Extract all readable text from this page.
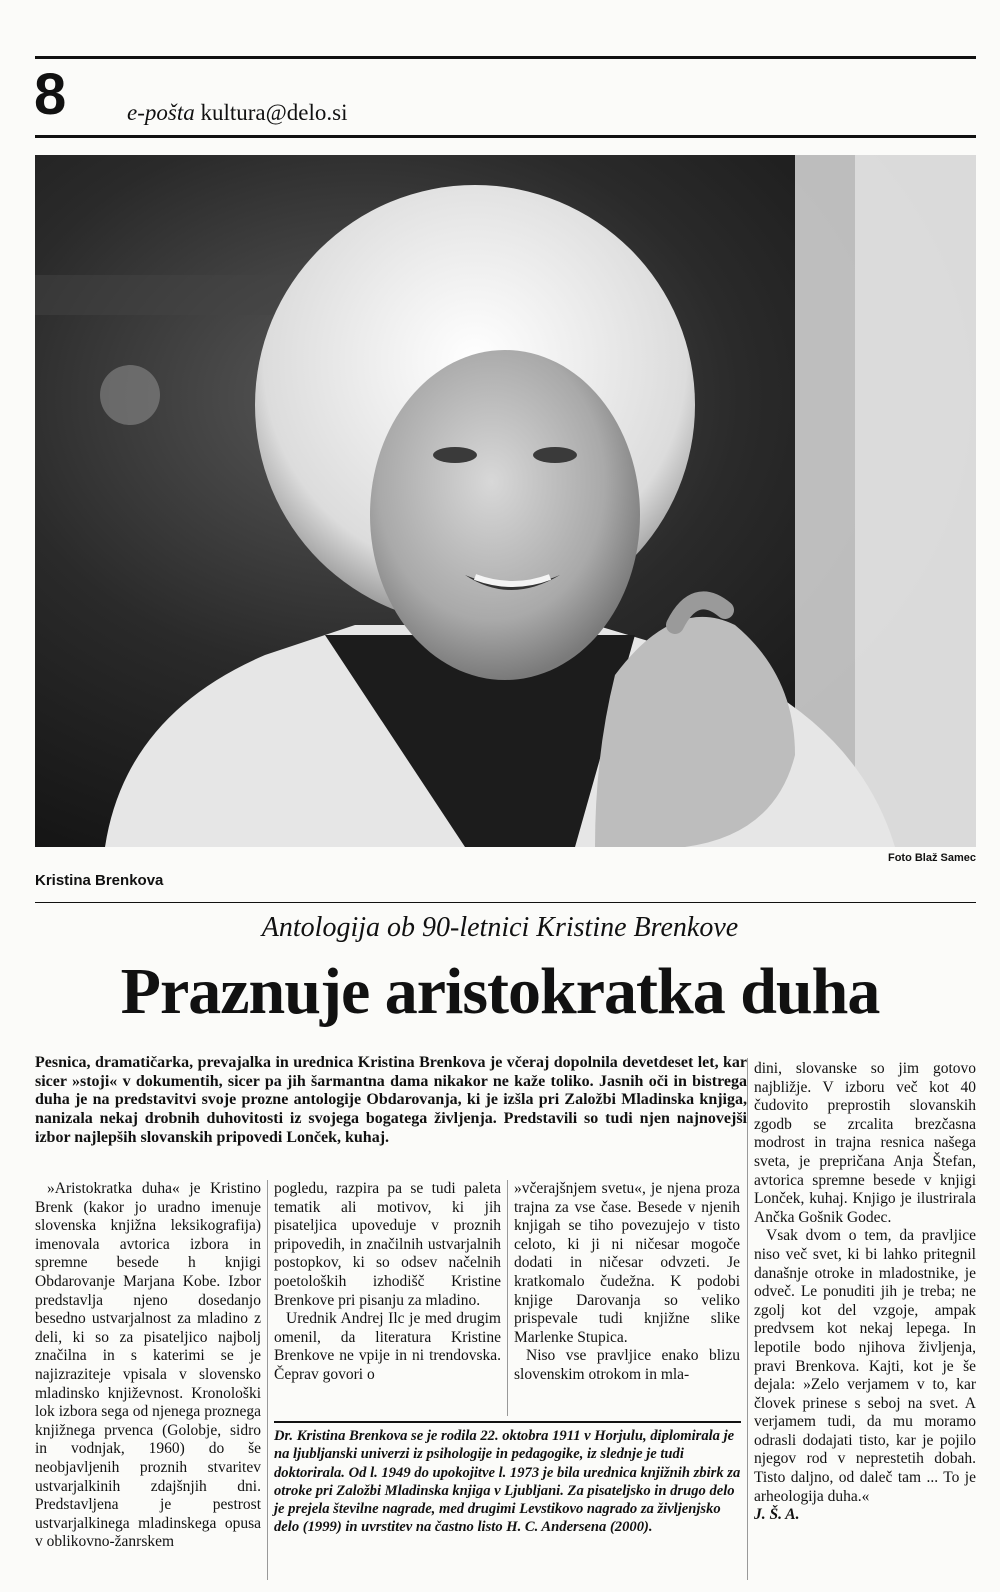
8	e-pošta kultura@delo.si
Foto Blaž Samec
Kristina Brenkova
Antologija ob 90-letnici Kristine Brenkove
Praznuje aristokratka duha
Pesnica, dramatičarka, prevajalka in urednica Kristina Brenkova je včeraj dopolnila devetdeset let, kar sicer »stoji« v dokumentih, sicer pa jih šarmantna dama nikakor ne kaže toliko. Jasnih oči in bistrega duha je na predstavitvi svoje prozne antologije Obdarovanja, ki je izšla pri Založbi Mladinska knjiga, nanizala nekaj drobnih duhovitosti iz svojega bogatega življenja. Predstavili so tudi njen najnovejši izbor najlepših slovanskih pripovedi Lonček, kuhaj.

»Aristokratka duha« je Kristino Brenk (kakor jo uradno imenuje slovenska knjižna leksikografija) imenovala avtorica izbora in spremne besede h knjigi Obdarovanje Marjana Kobe. Izbor predstavlja njeno dosedanjo besedno ustvarjalnost za mladino z deli, ki so za pisateljico najbolj značilna in s katerimi se je najizraziteje vpisala v slovensko mladinsko književnost. Kronološki lok izbora sega od njenega proznega knjižnega prvenca (Golobje, sidro in vodnjak, 1960) do še neobjavljenih proznih stvaritev ustvarjalkinih zdajšnjih dni. Predstavljena je pestrost ustvarjalkinega mladinskega opusa v oblikovno-žanrskem

pogledu, razpira pa se tudi paleta tematik ali motivov, ki jih pisateljica upoveduje v proznih pripovedih, in značilnih ustvarjalnih postopkov, ki so odsev načelnih poetoloških izhodišč Kristine Brenkove pri pisanju za mladino.

Urednik Andrej Ilc je med drugim omenil, da literatura Kristine Brenkove ne vpije in ni trendovska. Čeprav govori o

»včerajšnjem svetu«, je njena proza trajna za vse čase. Besede v njenih knjigah se tiho povezujejo v tisto celoto, ki ji ni ničesar mogoče dodati in ničesar odvzeti. Je kratkomalo čudežna. K podobi knjige Darovanja so veliko prispevale tudi knjižne slike Marlenke Stupica.

Niso vse pravljice enako blizu slovenskim otrokom in mla-

dini, slovanske so jim gotovo najbližje. V izboru več kot 40 čudovito preprostih slovanskih zgodb se zrcalita brezčasna modrost in trajna resnica našega sveta, je prepričana Anja Štefan, avtorica spremne besede v knjigi Lonček, kuhaj. Knjigo je ilustrirala Ančka Gošnik Godec.

Vsak dvom o tem, da pravljice niso več svet, ki bi lahko pritegnil današnje otroke in mladostnike, je odveč. Le ponuditi jih je treba; ne zgolj kot del vzgoje, ampak predvsem kot nekaj lepega. In lepotile bodo njihova življenja, pravi Brenkova. Kajti, kot je še dejala: »Zelo verjamem v to, kar človek prinese s seboj na svet. A verjamem tudi, da mu moramo odrasli dodajati tisto, kar je pojilo njegov rod v neprestetih dobah. Tisto daljno, od daleč tam ... To je arheologija duha.«

J. Š. A.

Dr. Kristina Brenkova se je rodila 22. oktobra 1911 v Horjulu, diplomirala je na ljubljanski univerzi iz psihologije in pedagogike, iz slednje je tudi doktorirala. Od l. 1949 do upokojitve l. 1973 je bila urednica knjižnih zbirk za otroke pri Založbi Mladinska knjiga v Ljubljani. Za pisateljsko in drugo delo je prejela številne nagrade, med drugimi Levstikovo nagrado za življenjsko delo (1999) in uvrstitev na častno listo H. C. Andersena (2000).
